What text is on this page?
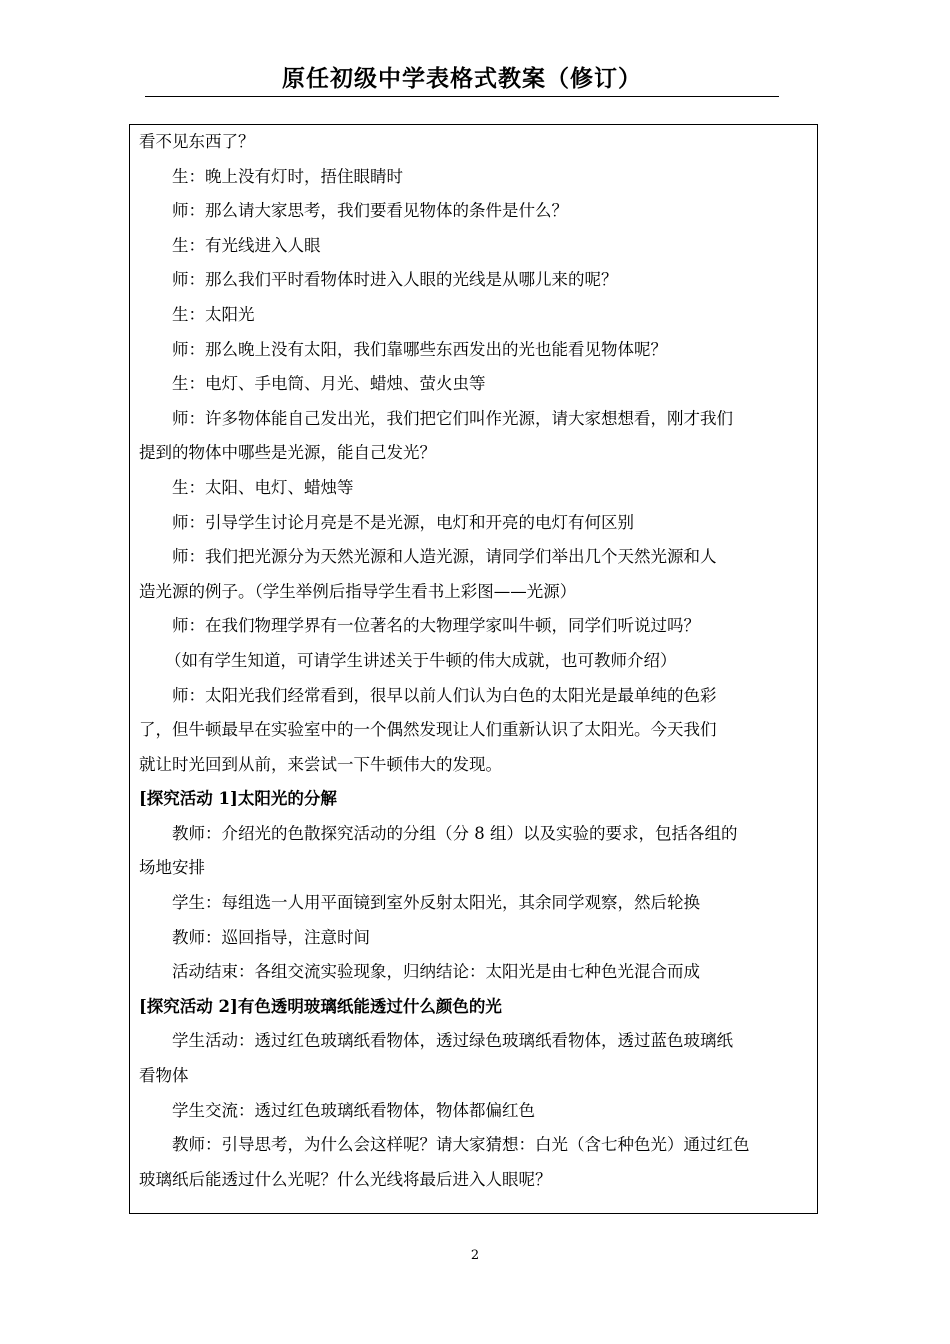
原任初级中学表格式教案（修订）
看不见东西了？
生：晚上没有灯时，捂住眼睛时
师：那么请大家思考，我们要看见物体的条件是什么？
生：有光线进入人眼
师：那么我们平时看物体时进入人眼的光线是从哪儿来的呢？
生：太阳光
师：那么晚上没有太阳，我们靠哪些东西发出的光也能看见物体呢？
生：电灯、手电筒、月光、蜡烛、萤火虫等
师：许多物体能自己发出光，我们把它们叫作光源，请大家想想看，刚才我们
提到的物体中哪些是光源，能自己发光？
生：太阳、电灯、蜡烛等
师：引导学生讨论月亮是不是光源，电灯和开亮的电灯有何区别
师：我们把光源分为天然光源和人造光源，请同学们举出几个天然光源和人
造光源的例子。（学生举例后指导学生看书上彩图——光源）
师：在我们物理学界有一位著名的大物理学家叫牛顿，同学们听说过吗？
（如有学生知道，可请学生讲述关于牛顿的伟大成就，也可教师介绍）
师：太阳光我们经常看到，很早以前人们认为白色的太阳光是最单纯的色彩
了，但牛顿最早在实验室中的一个偶然发现让人们重新认识了太阳光。今天我们
就让时光回到从前，来尝试一下牛顿伟大的发现。
[探究活动 1]太阳光的分解
教师：介绍光的色散探究活动的分组（分 8 组）以及实验的要求，包括各组的
场地安排
学生：每组选一人用平面镜到室外反射太阳光，其余同学观察，然后轮换
教师：巡回指导，注意时间
活动结束：各组交流实验现象，归纳结论：太阳光是由七种色光混合而成
[探究活动 2]有色透明玻璃纸能透过什么颜色的光
学生活动：透过红色玻璃纸看物体，透过绿色玻璃纸看物体，透过蓝色玻璃纸
看物体
学生交流：透过红色玻璃纸看物体，物体都偏红色
教师：引导思考，为什么会这样呢？请大家猜想：白光（含七种色光）通过红色
玻璃纸后能透过什么光呢？什么光线将最后进入人眼呢？
2
